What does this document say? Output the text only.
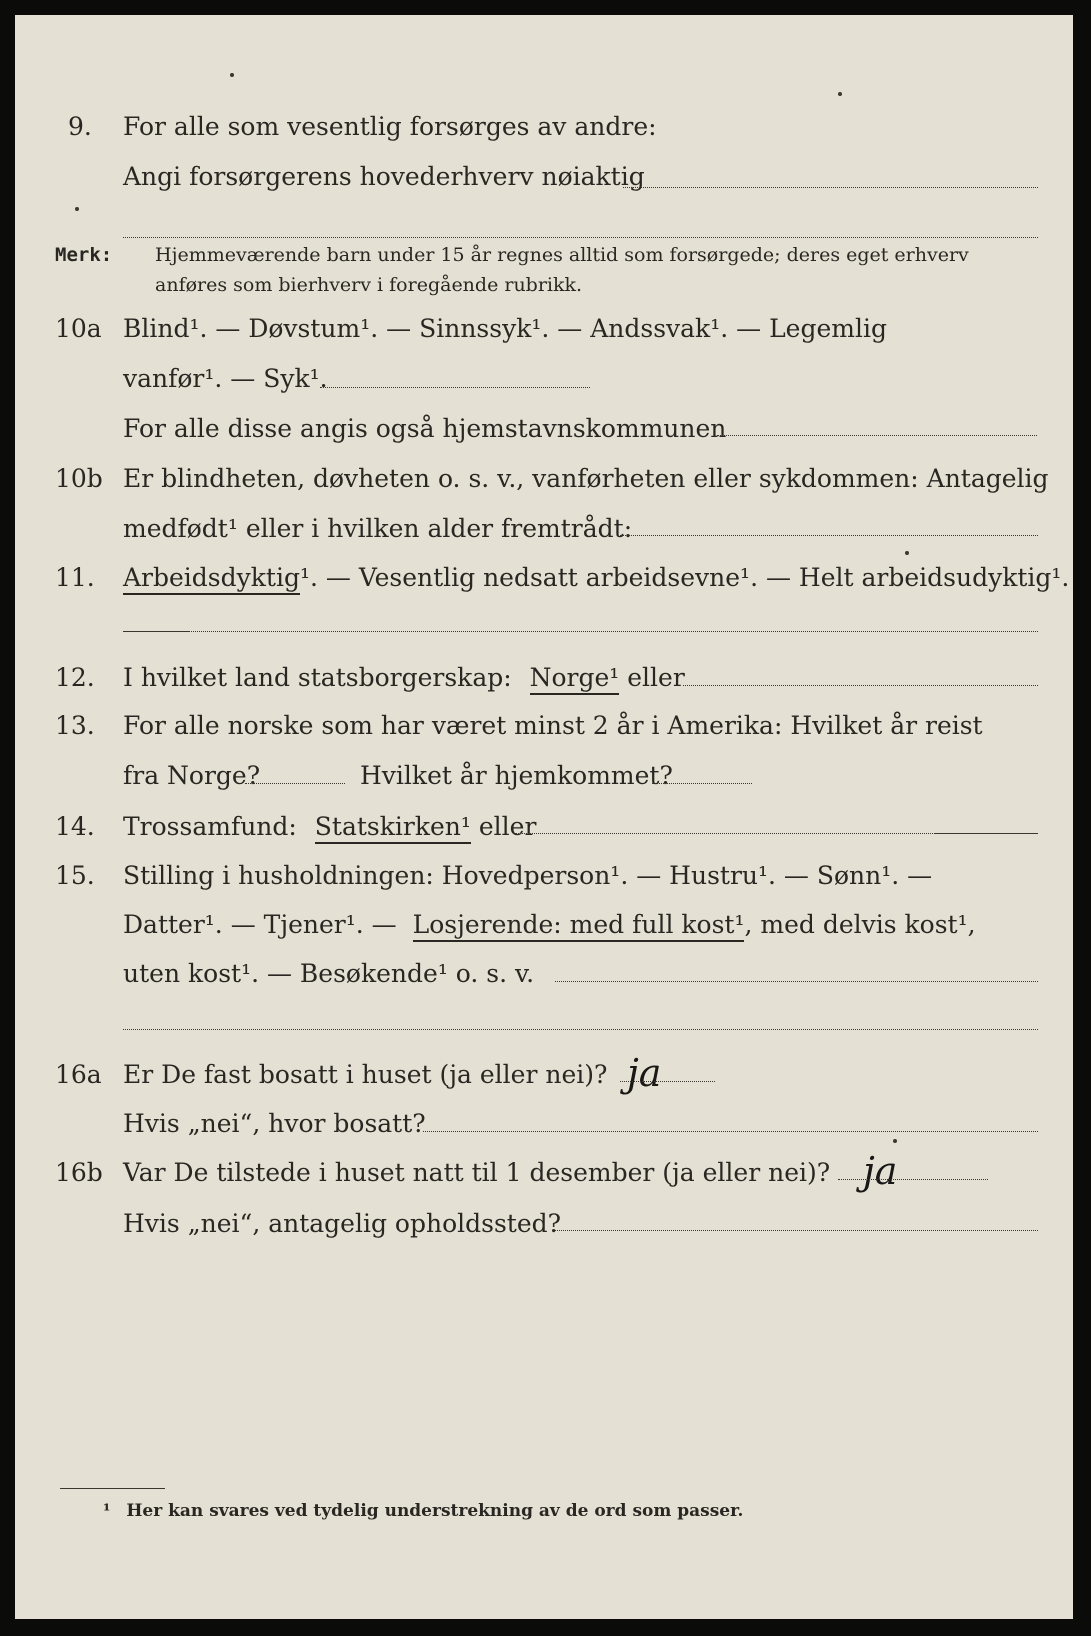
9.	For alle som vesentlig forsørges av andre:
Angi forsørgerens hovederhverv nøiaktig
Merk: Hjemmeværende barn under 15 år regnes alltid som forsørgede; deres eget erhverv
anføres som bierhverv i foregående rubrikk.
10a Blind¹. — Døvstum¹. — Sinnssyk¹. — Andssvak¹. — Legemlig
vanfør¹. — Syk¹.
For alle disse angis også hjemstavnskommunen
10b Er blindheten, døvheten o. s. v., vanførheten eller sykdommen: Antagelig
medfødt¹ eller i hvilken alder fremtrådt:
11.	Arbeidsdyktig¹. — Vesentlig nedsatt arbeidsevne¹. — Helt arbeidsudyktig¹.
12.	I hvilket land statsborgerskap: Norge¹ eller
13.	For alle norske som har været minst 2 år i Amerika: Hvilket år reist
fra Norge?	Hvilket år hjemkommet?
14.	Trossamfund: Statskirken¹ eller
15.	Stilling i husholdningen: Hovedperson¹. — Hustru¹. — Sønn¹. —
Datter¹. — Tjener¹. — Losjerende: med full kost¹, med delvis kost¹,
uten kost¹. — Besøkende¹ o. s. v.
16a Er De fast bosatt i huset (ja eller nei)? ja
Hvis „nei“, hvor bosatt?
16b Var De tilstede i huset natt til 1 desember (ja eller nei)? ja
Hvis „nei“, antagelig opholdssted?
¹ Her kan svares ved tydelig understrekning av de ord som passer.
